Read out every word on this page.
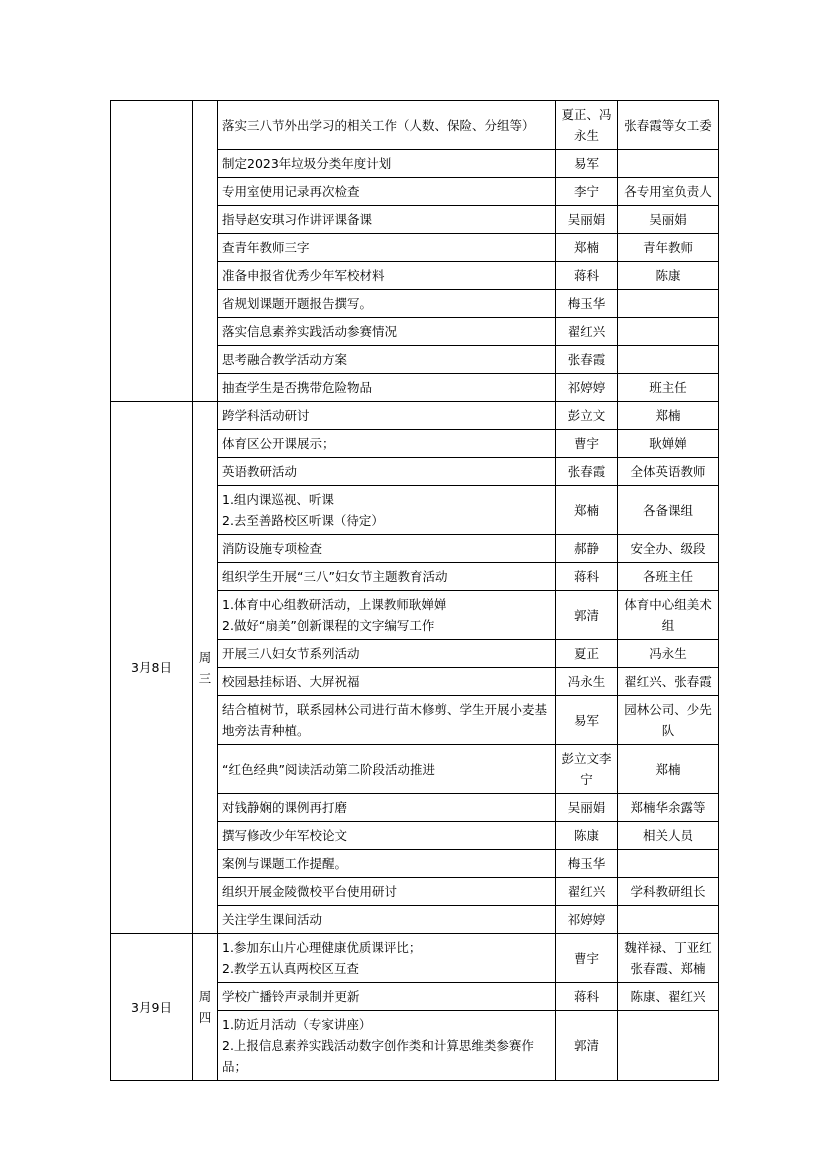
		落实三八节外出学习的相关工作（人数、保险、分组等）	夏正、冯永生	张春霞等女工委

		制定2023年垃圾分类年度计划	易军	

		专用室使用记录再次检查	李宁	各专用室负责人

		指导赵安琪习作讲评课备课	吴丽娟	吴丽娟

		查青年教师三字	郑楠	青年教师

		准备申报省优秀少年军校材料	蒋科	陈康

		省规划课题开题报告撰写。	梅玉华	

		落实信息素养实践活动参赛情况	翟红兴	

		思考融合教学活动方案	张春霞	

		抽查学生是否携带危险物品	祁婷婷	班主任
3月8日	周三	跨学科活动研讨	彭立文	郑楠

		体育区公开课展示；	曹宇	耿婵婵

		英语教研活动	张春霞	全体英语教师

		1.组内课巡视、听课
2.去至善路校区听课（待定）	郑楠	各备课组

		消防设施专项检查	郝静	安全办、级段

		组织学生开展“三八”妇女节主题教育活动	蒋科	各班主任

		1.体育中心组教研活动，上课教师耿婵婵
2.做好“扇美”创新课程的文字编写工作	郭清	体育中心组美术组

		开展三八妇女节系列活动	夏正	冯永生

		校园悬挂标语、大屏祝福	冯永生	翟红兴、张春霞

		结合植树节，联系园林公司进行苗木修剪、学生开展小麦基地旁法青种植。	易军	园林公司、少先队

		“红色经典”阅读活动第二阶段活动推进	彭立文李宁	郑楠

		对钱静娴的课例再打磨	吴丽娟	郑楠华余露等

		撰写修改少年军校论文	陈康	相关人员

		案例与课题工作提醒。	梅玉华	

		组织开展金陵微校平台使用研讨	翟红兴	学科教研组长

		关注学生课间活动	祁婷婷	
3月9日	周四	1.参加东山片心理健康优质课评比；
2.教学五认真两校区互查	曹宇	魏祥禄、丁亚红张春霞、郑楠

		学校广播铃声录制并更新	蒋科	陈康、翟红兴

		1.防近月活动（专家讲座）
2.上报信息素养实践活动数字创作类和计算思维类参赛作品；	郭清	
